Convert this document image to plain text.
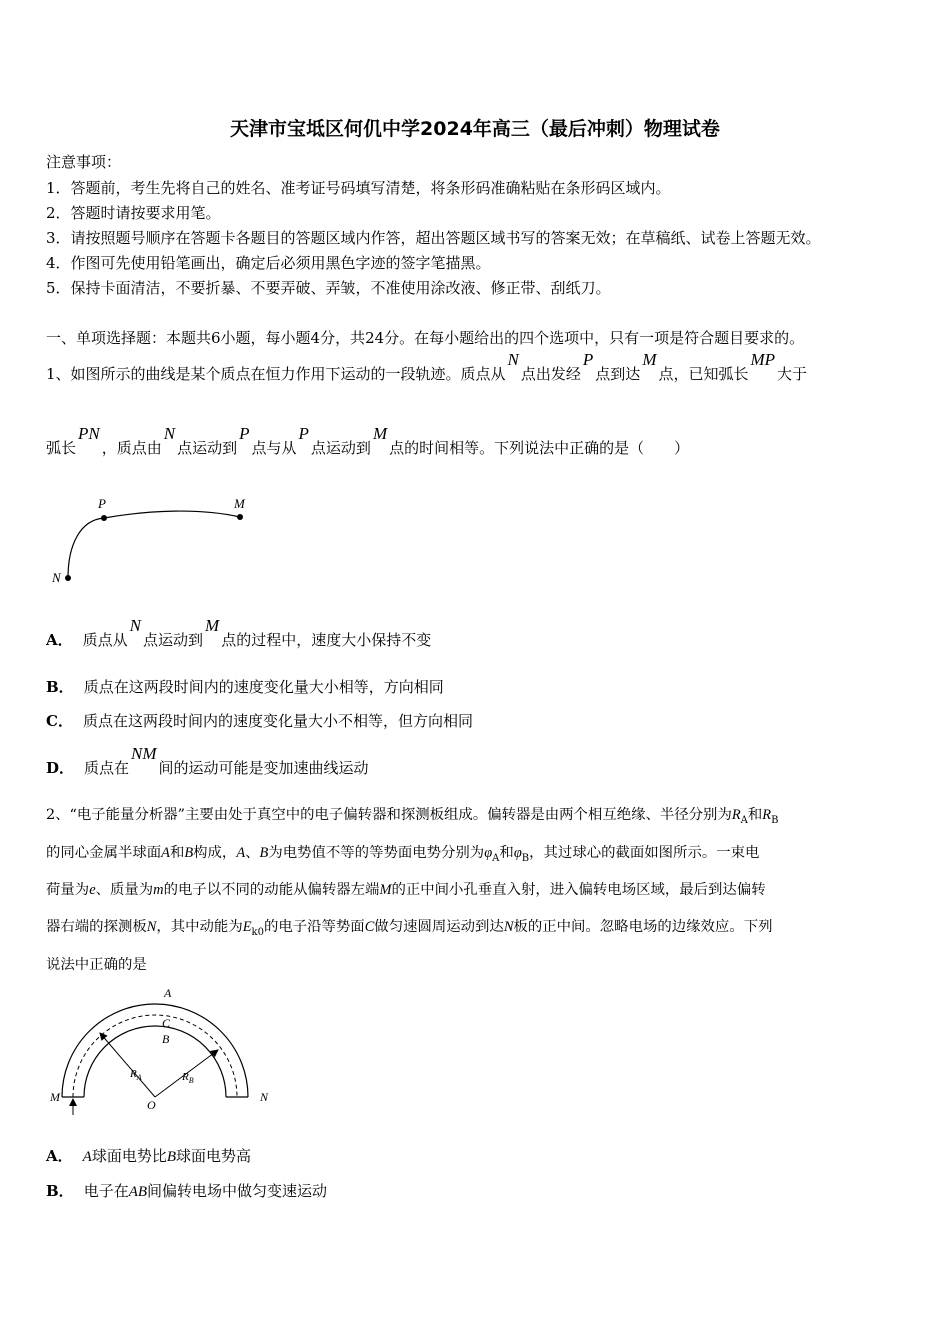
天津市宝坻区何仉中学2024年高三（最后冲刺）物理试卷
注意事项：
1．答题前，考生先将自己的姓名、准考证号码填写清楚，将条形码准确粘贴在条形码区域内。
2．答题时请按要求用笔。
3．请按照题号顺序在答题卡各题目的答题区域内作答，超出答题区域书写的答案无效；在草稿纸、试卷上答题无效。
4．作图可先使用铅笔画出，确定后必须用黑色字迹的签字笔描黑。
5．保持卡面清洁，不要折暴、不要弄破、弄皱，不准使用涂改液、修正带、刮纸刀。
一、单项选择题：本题共6小题，每小题4分，共24分。在每小题给出的四个选项中，只有一项是符合题目要求的。
1、如图所示的曲线是某个质点在恒力作用下运动的一段轨迹。质点从N点出发经P点到达M点，已知弧长MP大于
弧长PN，质点由N点运动到P点与从P点运动到M点的时间相等。下列说法中正确的是（　　）
P	M
N
A． 质点从N点运动到M点的过程中，速度大小保持不变
B． 质点在这两段时间内的速度变化量大小相等，方向相同
C． 质点在这两段时间内的速度变化量大小不相等，但方向相同
D． 质点在NM间的运动可能是变加速曲线运动
2、“电子能量分析器”主要由处于真空中的电子偏转器和探测板组成。偏转器是由两个相互绝缘、半径分别为$R_A$和$R_B$
的同心金属半球面A和B构成，A、B为电势值不等的等势面电势分别为$\varphi_A$和$\varphi_B$，其过球心的截面如图所示。一束电
荷量为e、质量为m的电子以不同的动能从偏转器左端M的正中间小孔垂直入射，进入偏转电场区域，最后到达偏转
器右端的探测板N，其中动能为$E_{k0}$的电子沿等势面C做匀速圆周运动到达N板的正中间。忽略电场的边缘效应。下列
说法中正确的是
A
C
B
$R_A$	$R_B$
O
M	N
A． A球面电势比B球面电势高
B． 电子在AB间偏转电场中做匀变速运动
